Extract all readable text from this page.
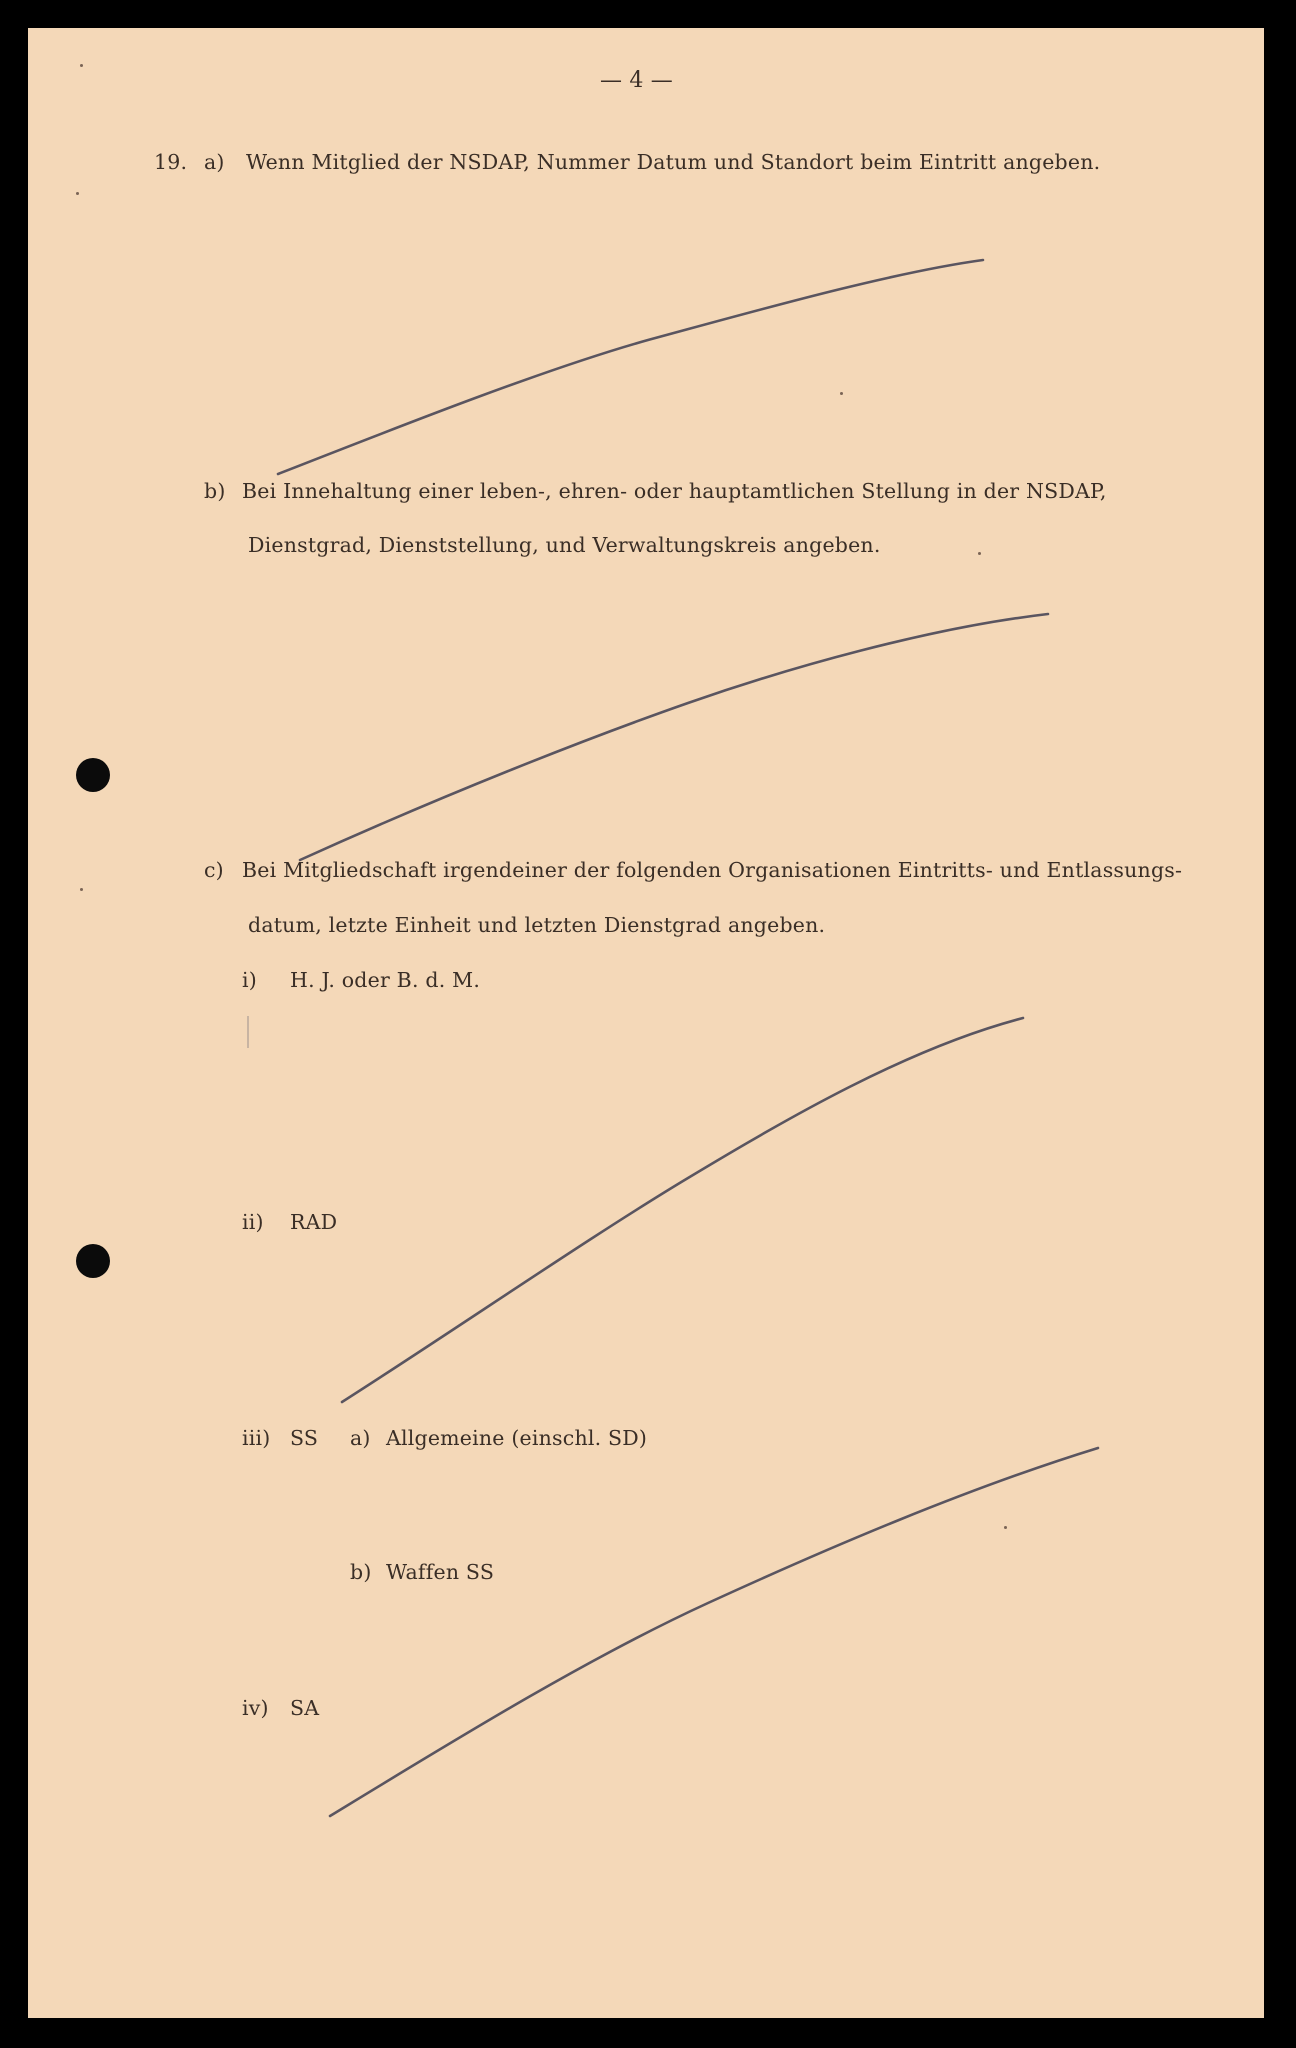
— 4 —

19. a) Wenn Mitglied der NSDAP, Nummer Datum und Standort beim Eintritt angeben.

b) Bei Innehaltung einer leben-, ehren- oder hauptamtlichen Stellung in der NSDAP,

Dienstgrad, Dienststellung, und Verwaltungskreis angeben.

c) Bei Mitgliedschaft irgendeiner der folgenden Organisationen Eintritts- und Entlassungs-

datum, letzte Einheit und letzten Dienstgrad angeben.

i) H. J. oder B. d. M.

ii) RAD

iii) SS a) Allgemeine (einschl. SD)

b) Waffen SS

iv) SA
